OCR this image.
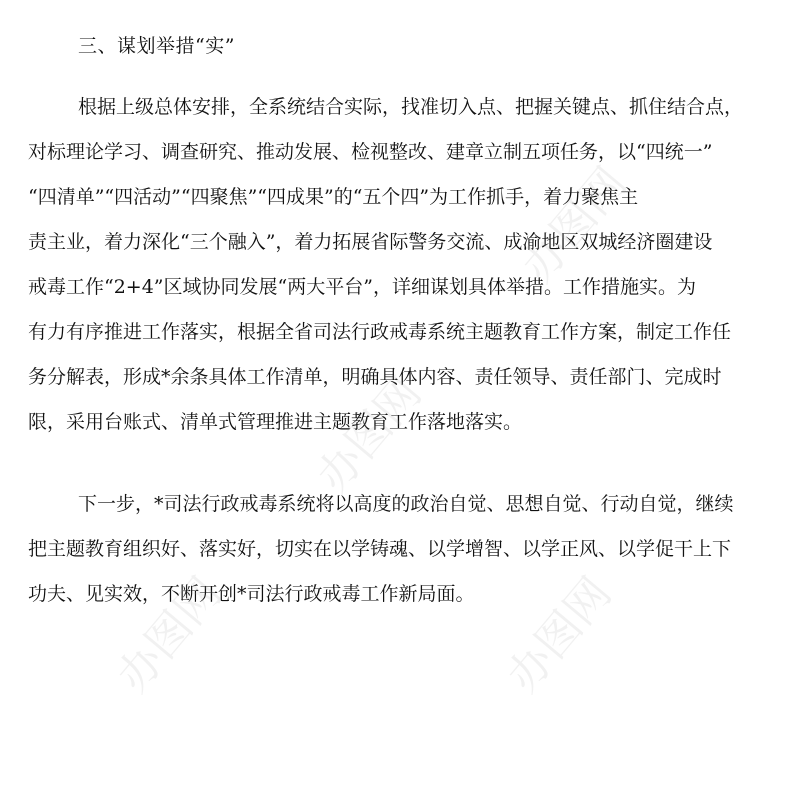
三、谋划举措“实”
根据上级总体安排，全系统结合实际，找准切入点、把握关键点、抓住结合点，
对标理论学习、调查研究、推动发展、检视整改、建章立制五项任务，以“四统一”
“四清单”“四活动”“四聚焦”“四成果”的“五个四”为工作抓手，着力聚焦主
责主业，着力深化“三个融入”，着力拓展省际警务交流、成渝地区双城经济圈建设
戒毒工作“2+4”区域协同发展“两大平台”，详细谋划具体举措。工作措施实。为
有力有序推进工作落实，根据全省司法行政戒毒系统主题教育工作方案，制定工作任
务分解表，形成*余条具体工作清单，明确具体内容、责任领导、责任部门、完成时
限，采用台账式、清单式管理推进主题教育工作落地落实。
下一步，*司法行政戒毒系统将以高度的政治自觉、思想自觉、行动自觉，继续
把主题教育组织好、落实好，切实在以学铸魂、以学增智、以学正风、以学促干上下
功夫、见实效，不断开创*司法行政戒毒工作新局面。
办图网
办图网
办图网	办图网
